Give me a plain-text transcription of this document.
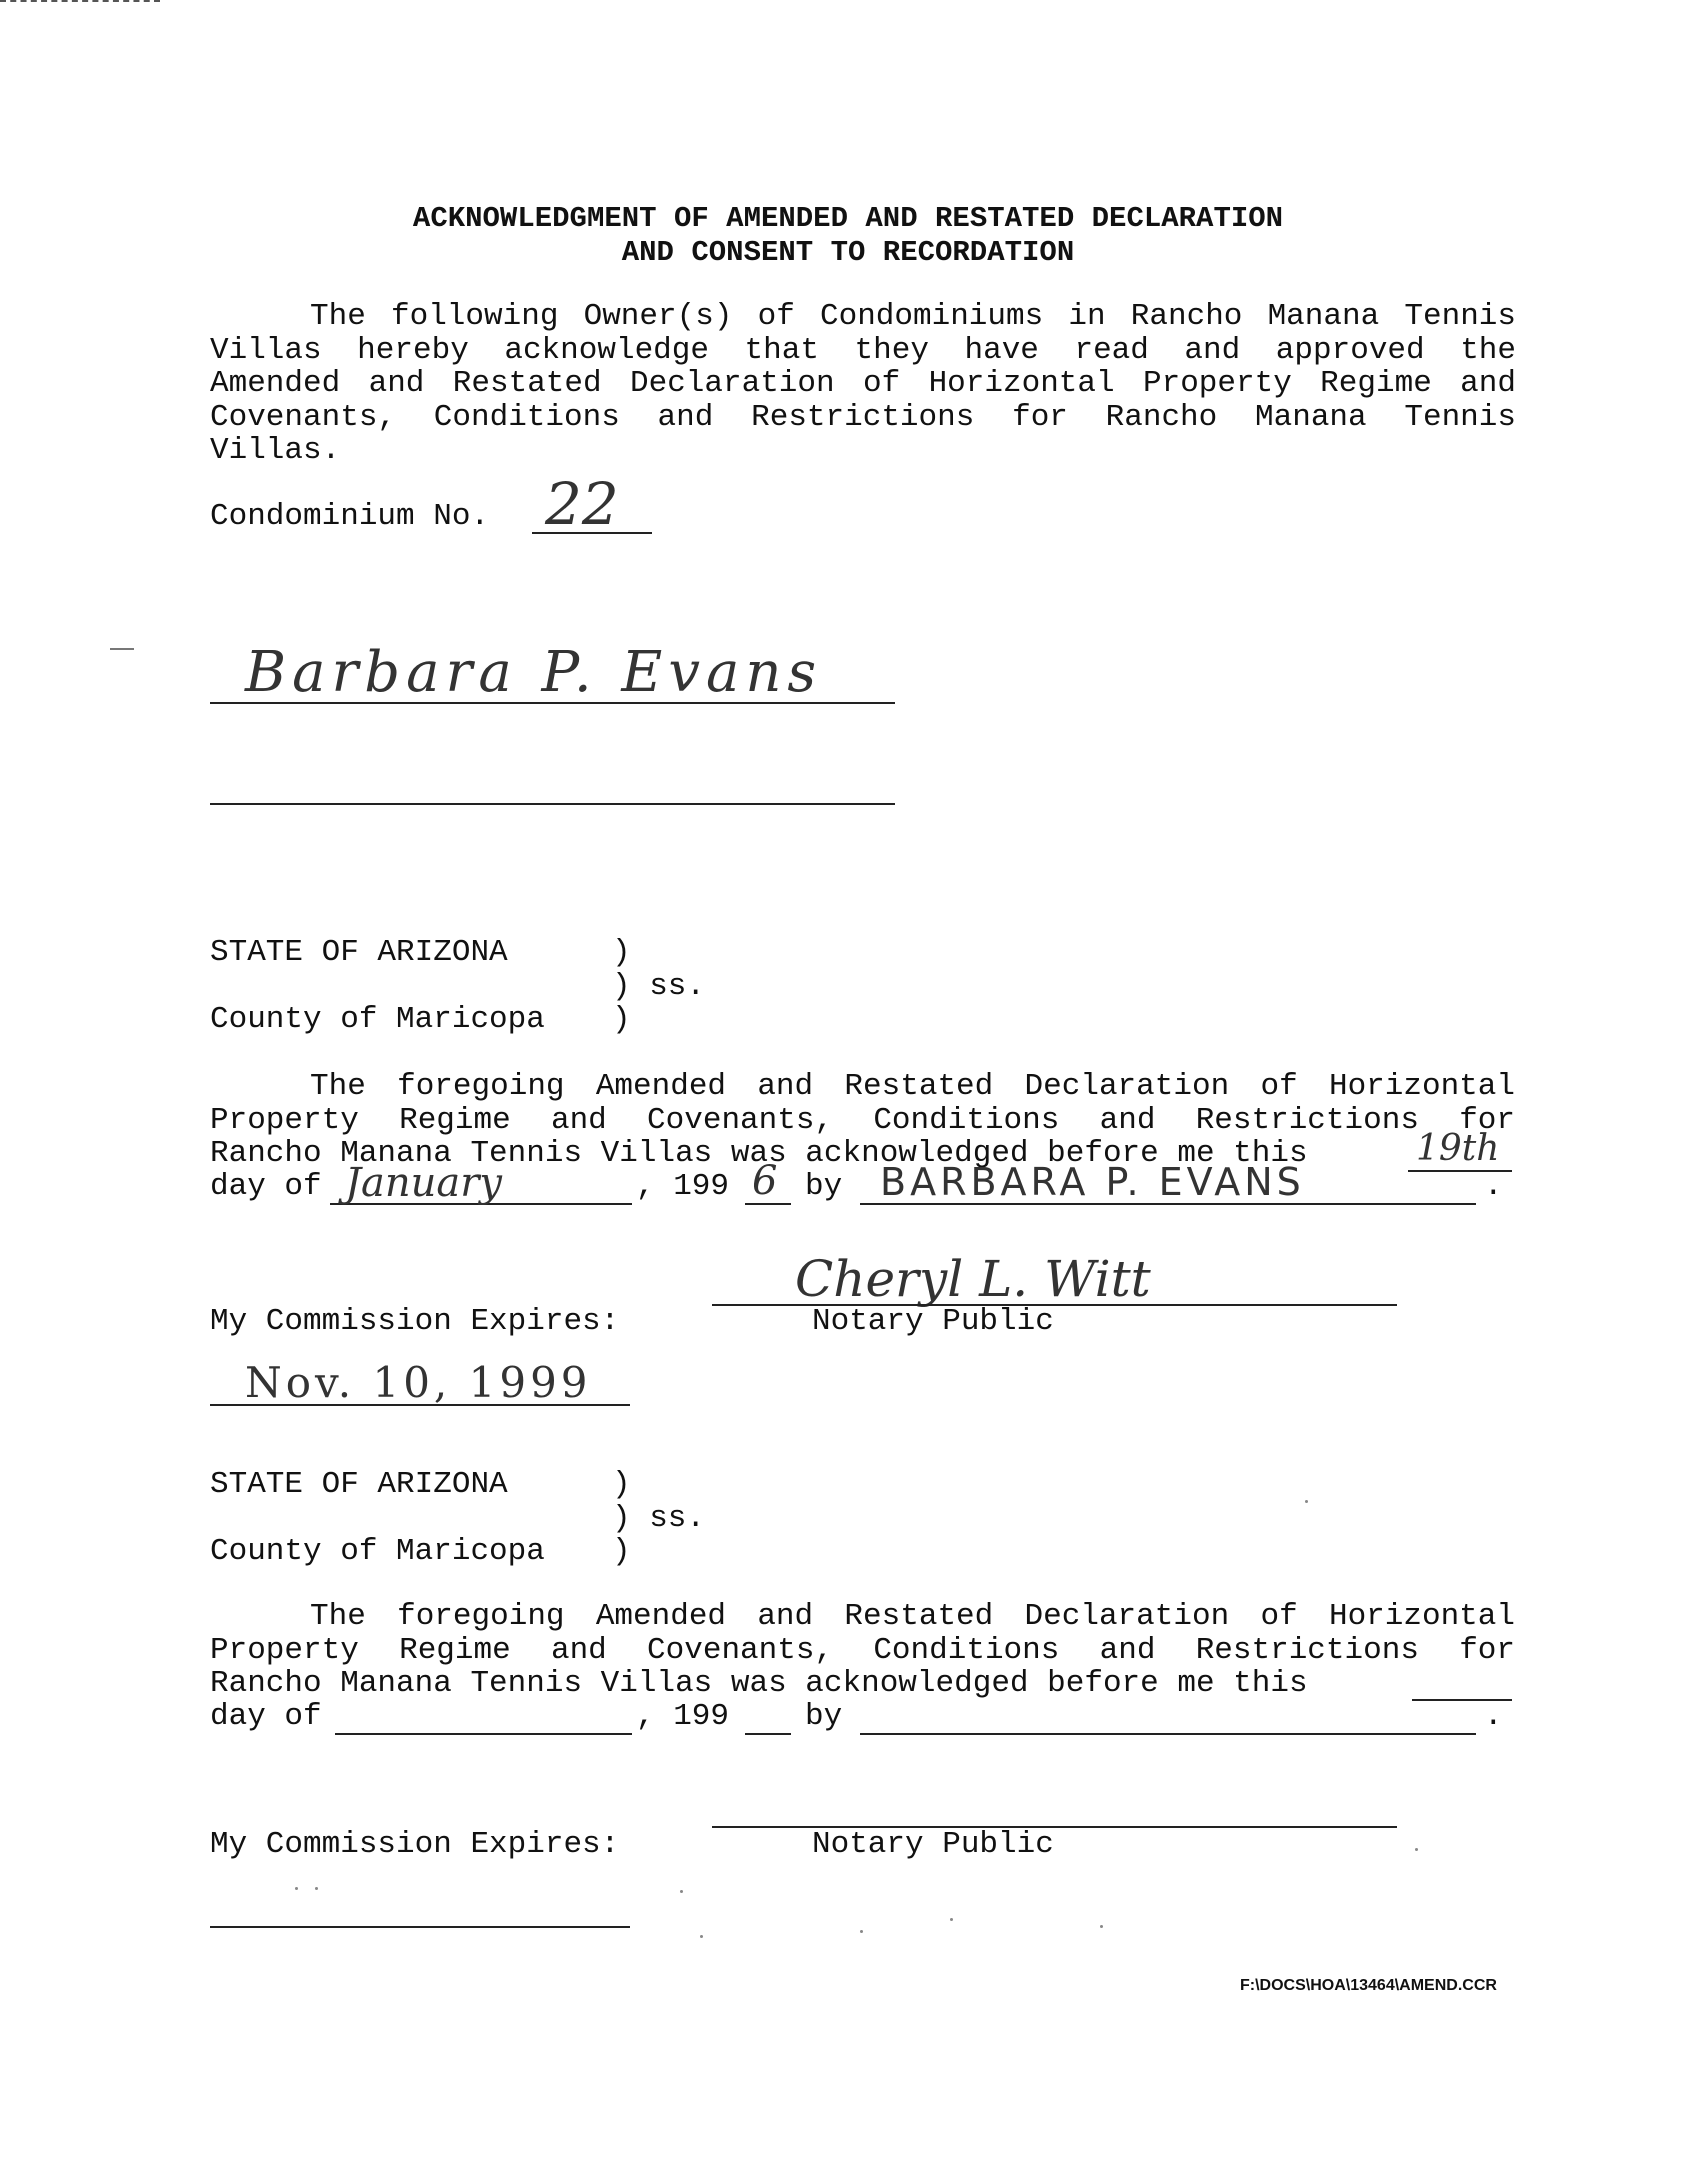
ACKNOWLEDGMENT OF AMENDED AND RESTATED DECLARATION
AND CONSENT TO RECORDATION
The following Owner(s) of Condominiums in Rancho Manana Tennis
Villas hereby acknowledge that they have read and approved the
Amended and Restated Declaration of Horizontal Property Regime and
Covenants, Conditions and Restrictions for Rancho Manana Tennis
Villas.
Condominium No. 22
Barbara P. Evans
STATE OF ARIZONA	)
) ss.
County of Maricopa )
The foregoing Amended and Restated Declaration of Horizontal
Property Regime and Covenants, Conditions and Restrictions for
Rancho Manana Tennis Villas was acknowledged before me this	19th
day of January	, 199 6 by BARBARA P. EVANS	.
Cheryl L. Witt
My Commission Expires:	Notary Public
Nov. 10, 1999
STATE OF ARIZONA	)
) ss.
County of Maricopa )
The foregoing Amended and Restated Declaration of Horizontal
Property Regime and Covenants, Conditions and Restrictions for
Rancho Manana Tennis Villas was acknowledged before me this
day of	, 199 by	.
My Commission Expires:	Notary Public
F:\DOCS\HOA\13464\AMEND.CCR
